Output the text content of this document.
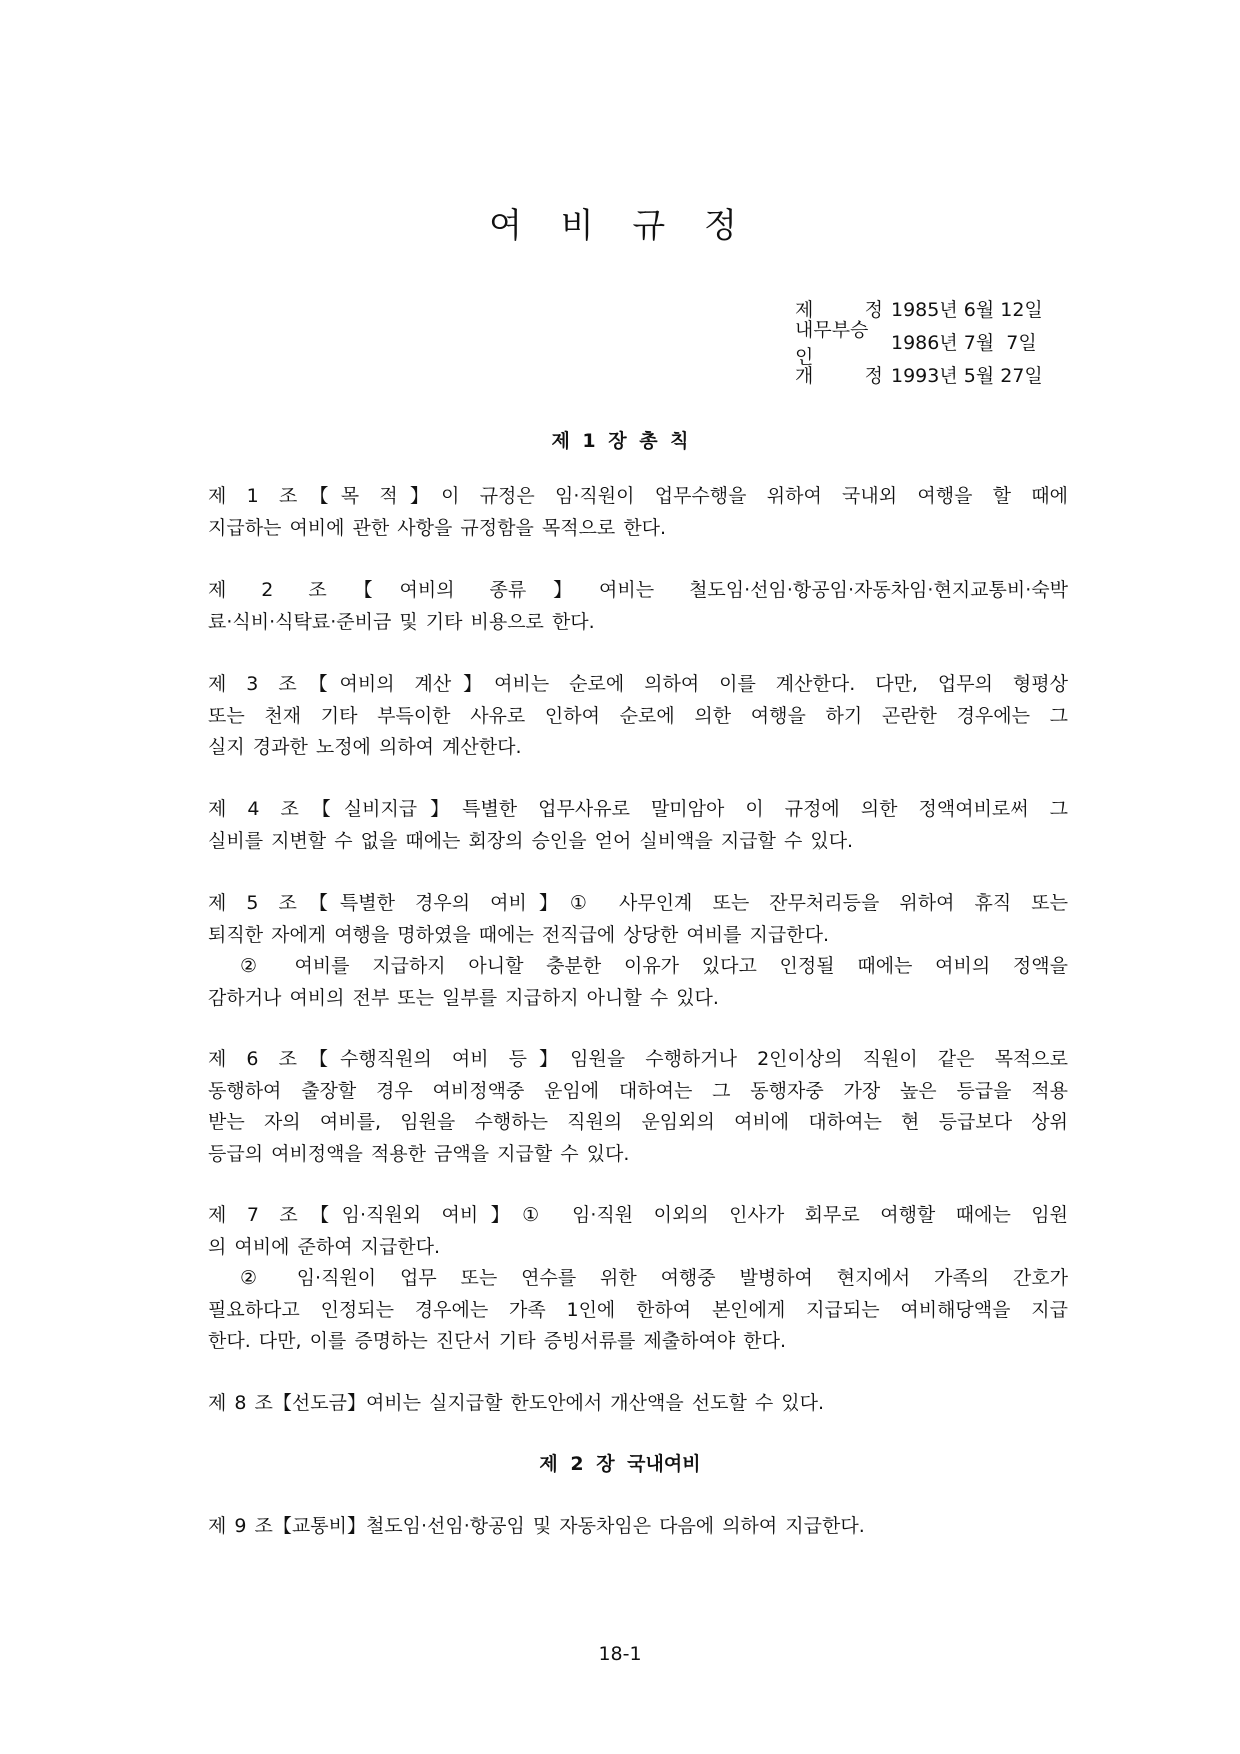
여 비 규 정
제 정 1985년 6월 12일
내무부승인
1986년 7월  7일
개 정 1993년 5월 27일
제 1 장 총 칙

제 1 조【목 적】이 규정은 임·직원이 업무수행을 위하여 국내외 여행을 할 때에
지급하는 여비에 관한 사항을 규정함을 목적으로 한다.

제 2 조【여비의 종류】여비는 철도임·선임·항공임·자동차임·현지교통비·숙박
료·식비·식탁료·준비금 및 기타 비용으로 한다.

제 3 조【여비의 계산】여비는 순로에 의하여 이를 계산한다. 다만, 업무의 형평상
또는 천재 기타 부득이한 사유로 인하여 순로에 의한 여행을 하기 곤란한 경우에는 그
실지 경과한 노정에 의하여 계산한다.

제 4 조【실비지급】특별한 업무사유로 말미암아 이 규정에 의한 정액여비로써 그
실비를 지변할 수 없을 때에는 회장의 승인을 얻어 실비액을 지급할 수 있다.

제 5 조【특별한 경우의 여비】① 사무인계 또는 잔무처리등을 위하여 휴직 또는
퇴직한 자에게 여행을 명하였을 때에는 전직급에 상당한 여비를 지급한다.
② 여비를 지급하지 아니할 충분한 이유가 있다고 인정될 때에는 여비의 정액을
감하거나 여비의 전부 또는 일부를 지급하지 아니할 수 있다.

제 6 조【수행직원의 여비 등】임원을 수행하거나 2인이상의 직원이 같은 목적으로
동행하여 출장할 경우 여비정액중 운임에 대하여는 그 동행자중 가장 높은 등급을 적용
받는 자의 여비를, 임원을 수행하는 직원의 운임외의 여비에 대하여는 현 등급보다 상위
등급의 여비정액을 적용한 금액을 지급할 수 있다.

제 7 조【임·직원외 여비】① 임·직원 이외의 인사가 회무로 여행할 때에는 임원
의 여비에 준하여 지급한다.
② 임·직원이 업무 또는 연수를 위한 여행중 발병하여 현지에서 가족의 간호가
필요하다고 인정되는 경우에는 가족 1인에 한하여 본인에게 지급되는 여비해당액을 지급
한다. 다만, 이를 증명하는 진단서 기타 증빙서류를 제출하여야 한다.

제 8 조【선도금】여비는 실지급할 한도안에서 개산액을 선도할 수 있다.

제 2 장 국내여비

제 9 조【교통비】철도임·선임·항공임 및 자동차임은 다음에 의하여 지급한다.

18-1
